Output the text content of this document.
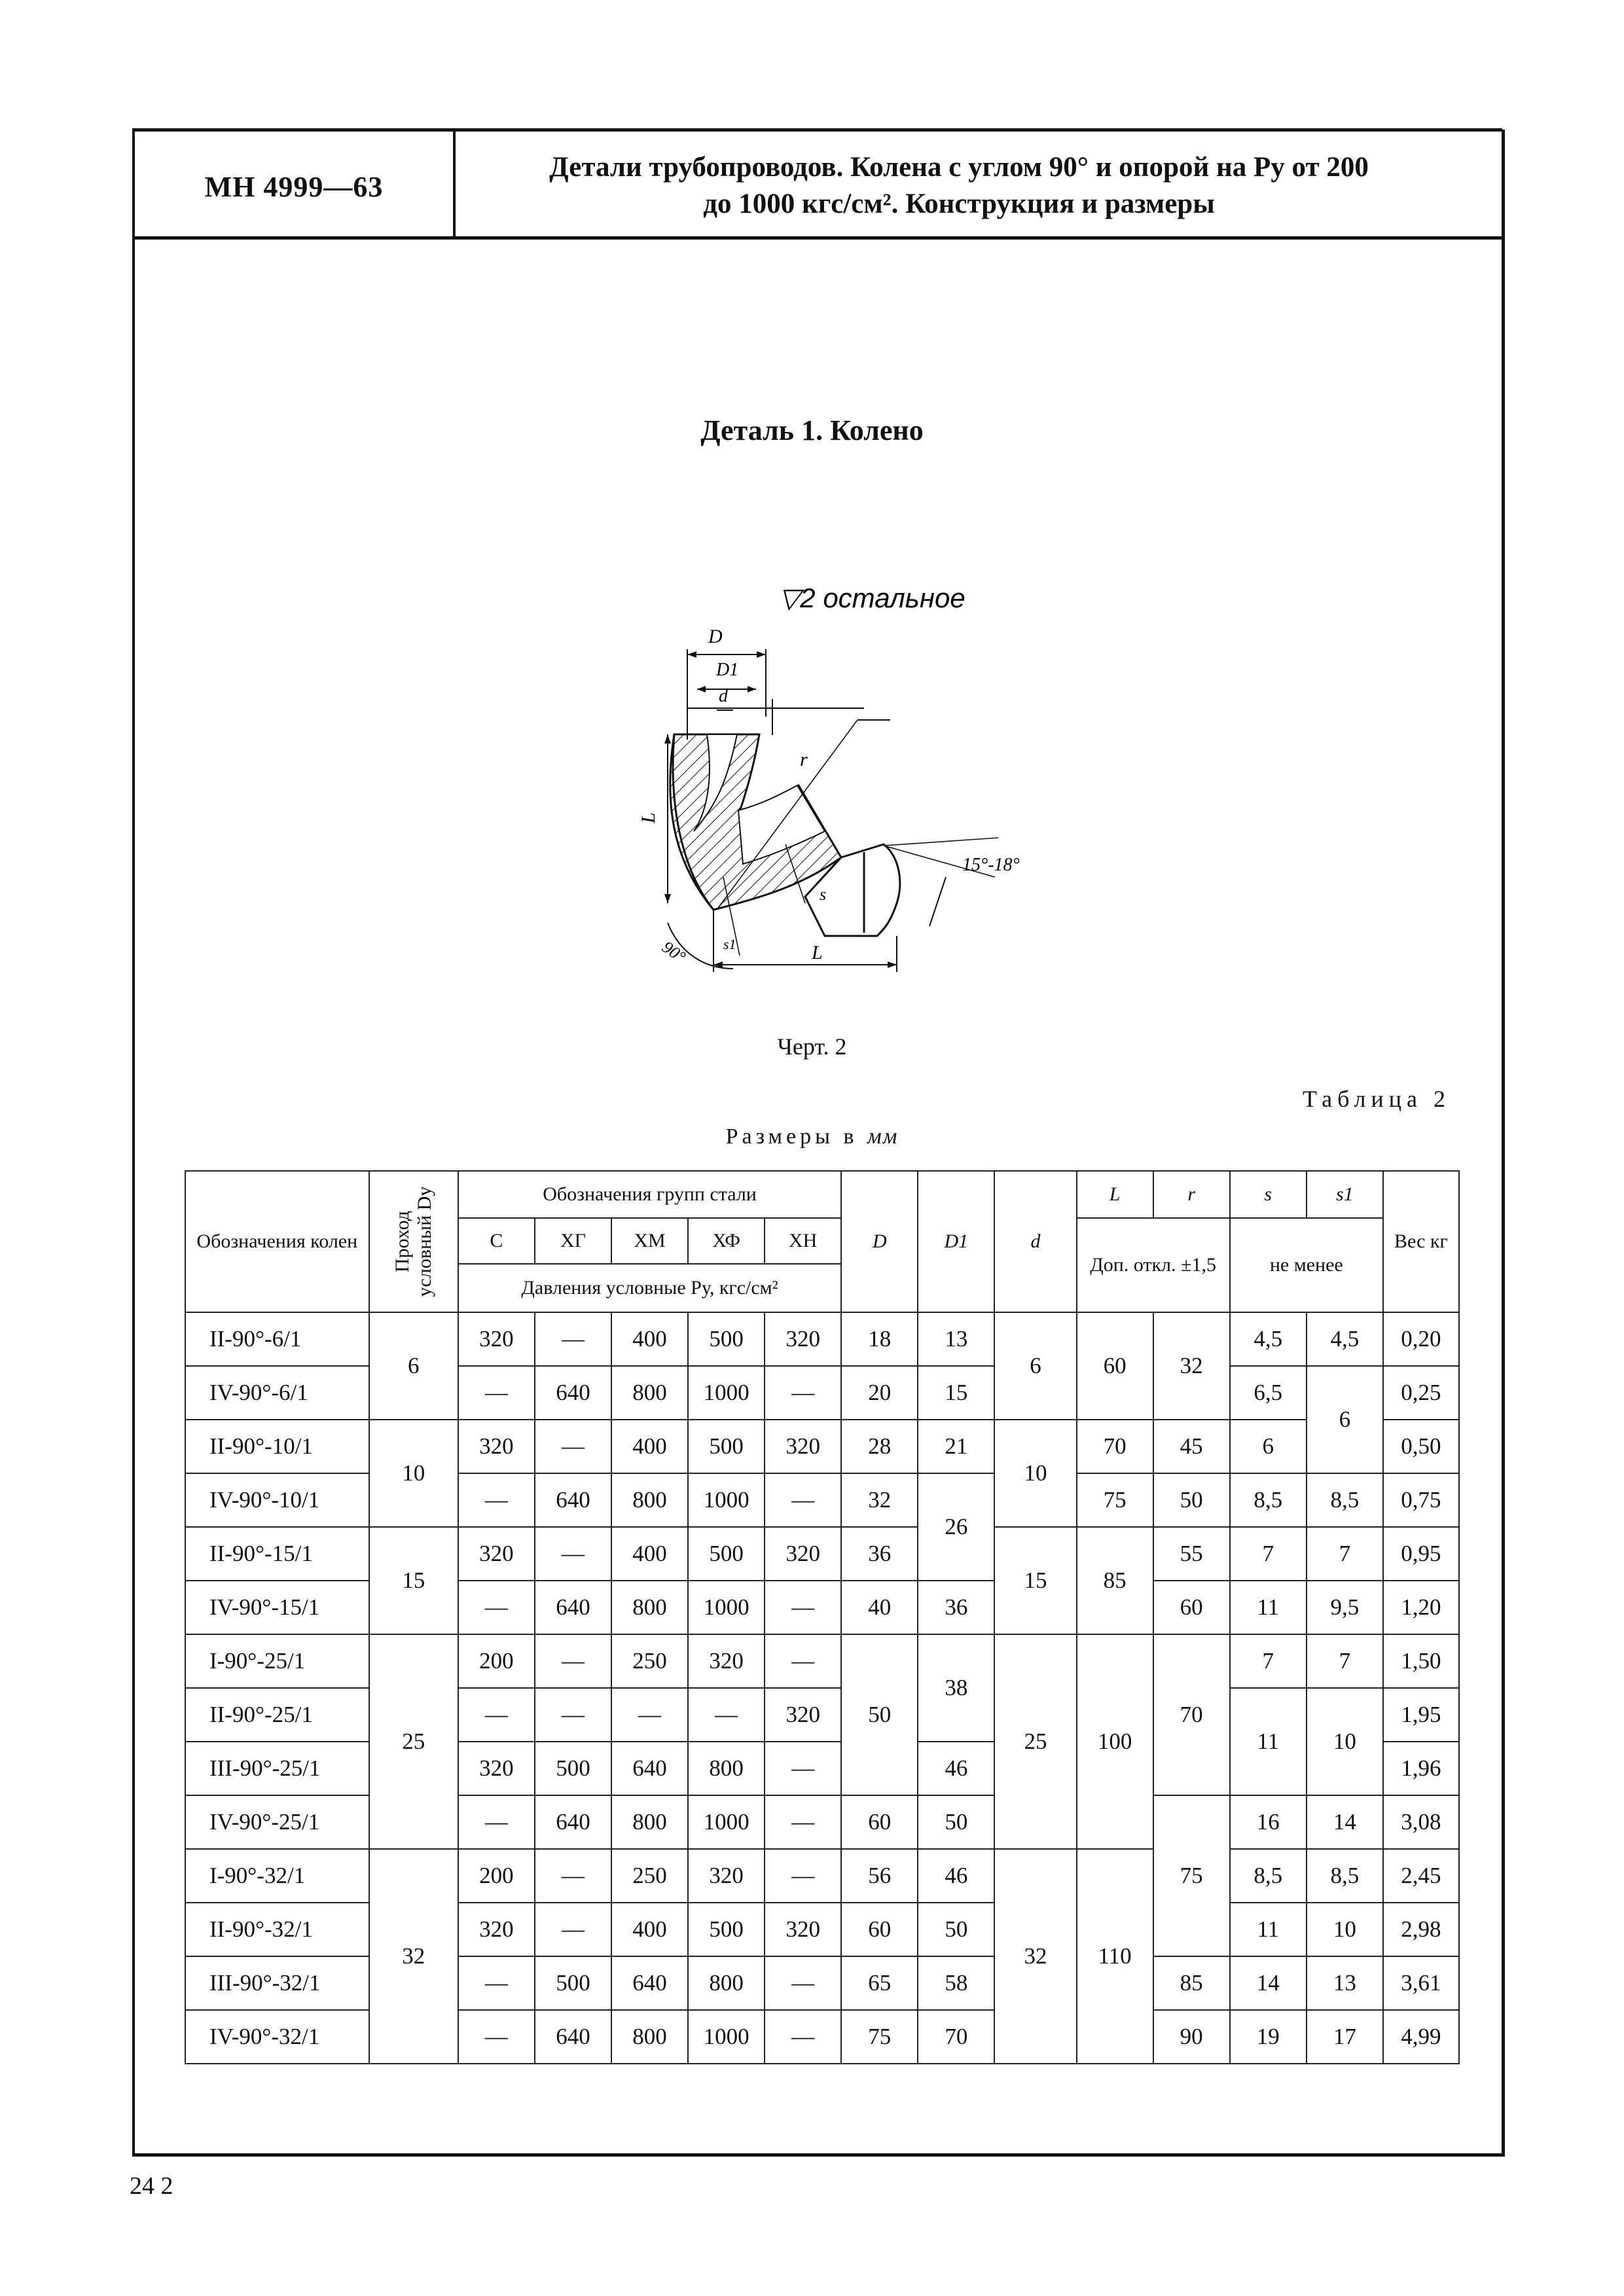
МН 4999—63
Детали трубопроводов. Колена с углом 90° и опорой на Pу от 200
до 1000 кгс/см². Конструкция и размеры
Деталь 1. Колено
▽2 остальное
D
D1
d
L
L
90°
r
s
s1
15°-18°
Черт. 2
Таблица 2
Размеры в мм
Обозначения колен	Проход условный Dу	Обозначения групп стали					D	D1	d	L	r	s	s1	Вес кг
		С	ХГ	ХМ	ХФ	ХН				Доп. откл. ±1,5		не менее		
		Давления условные Pу, кгс/см²												
II-90°-6/1	6	320	—	400	500	320	18	13	6	60	32	4,5	4,5	0,20
IV-90°-6/1		—	640	800	1000	—	20	15				6,5	6	0,25
II-90°-10/1	10	320	—	400	500	320	28	21	10	70	45	6		0,50
IV-90°-10/1		—	640	800	1000	—	32	26		75	50	8,5	8,5	0,75
II-90°-15/1	15	320	—	400	500	320	36		15	85	55	7	7	0,95
IV-90°-15/1		—	640	800	1000	—	40	36			60	11	9,5	1,20
I-90°-25/1	25	200	—	250	320	—	50	38	25	100	70	7	7	1,50
II-90°-25/1		—	—	—	—	320						11	10	1,95
III-90°-25/1		320	500	640	800	—		46						1,96
IV-90°-25/1		—	640	800	1000	—	60	50			75	16	14	3,08
I-90°-32/1	32	200	—	250	320	—	56	46	32	110		8,5	8,5	2,45
II-90°-32/1		320	—	400	500	320	60	50				11	10	2,98
III-90°-32/1		—	500	640	800	—	65	58			85	14	13	3,61
IV-90°-32/1		—	640	800	1000	—	75	70			90	19	17	4,99
24 2
